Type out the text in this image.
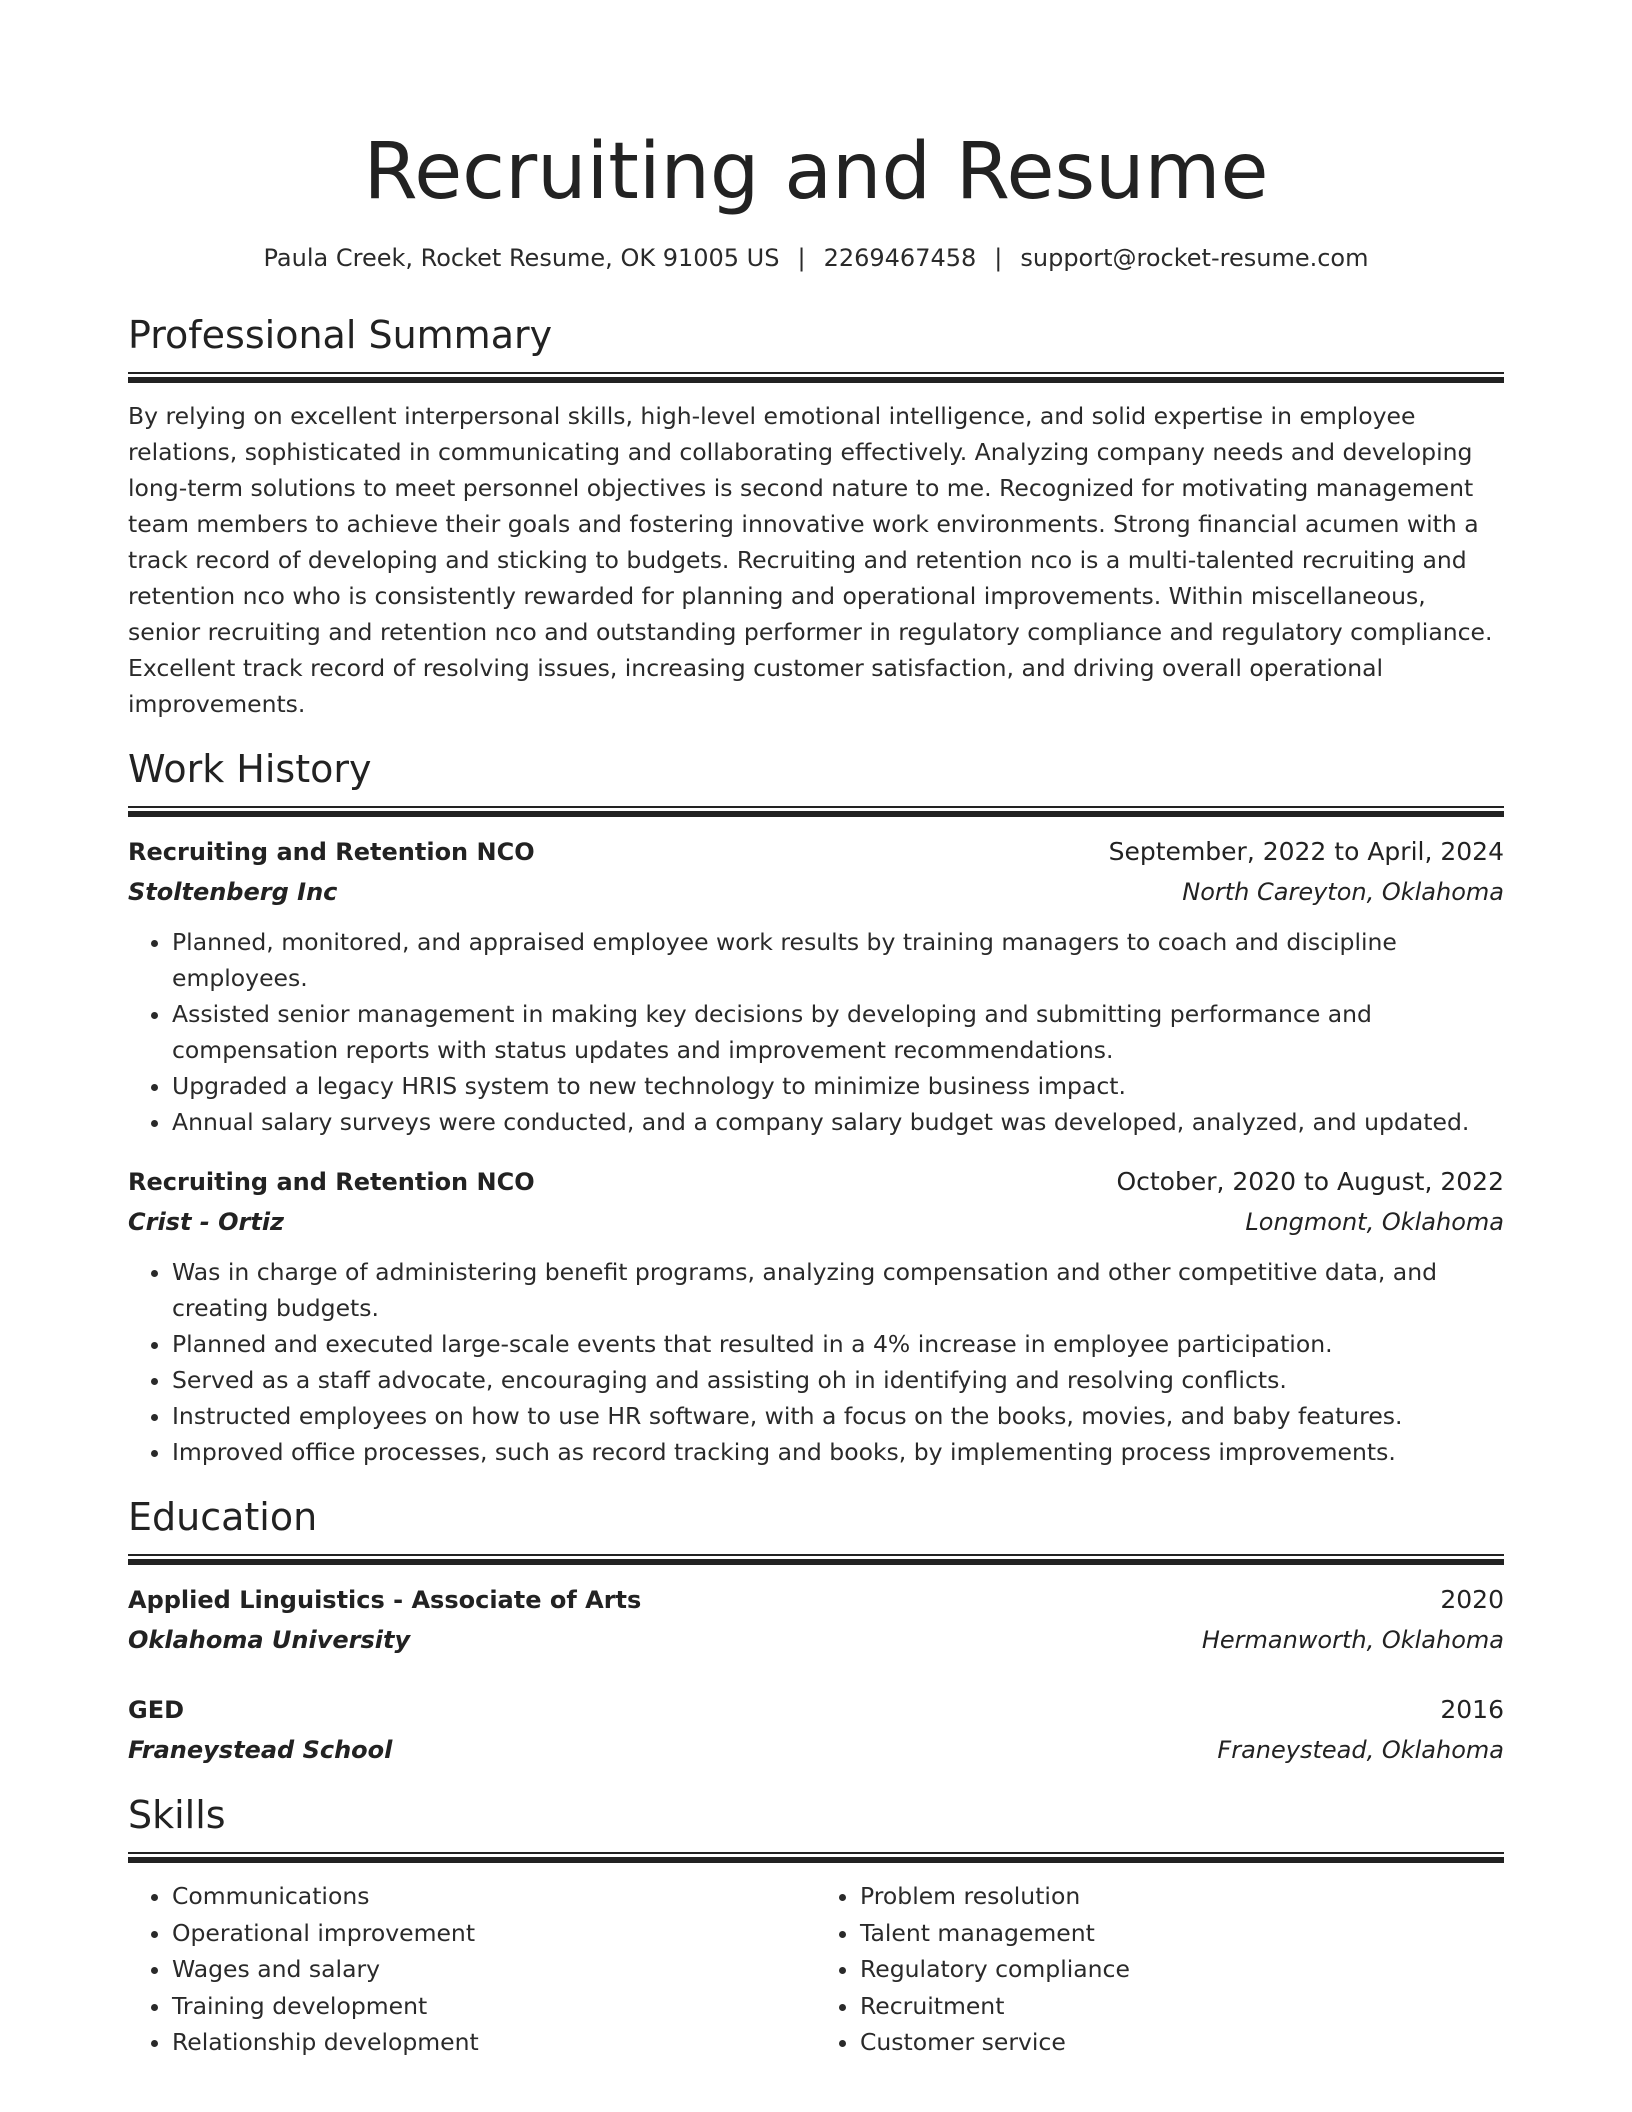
Recruiting and Resume
Paula Creek, Rocket Resume, OK 91005 US | 2269467458 | support@rocket-resume.com
Professional Summary
By relying on excellent interpersonal skills, high-level emotional intelligence, and solid expertise in employee relations, sophisticated in communicating and collaborating effectively. Analyzing company needs and developing long-term solutions to meet personnel objectives is second nature to me. Recognized for motivating management team members to achieve their goals and fostering innovative work environments. Strong financial acumen with a track record of developing and sticking to budgets. Recruiting and retention nco is a multi-talented recruiting and retention nco who is consistently rewarded for planning and operational improvements. Within miscellaneous, senior recruiting and retention nco and outstanding performer in regulatory compliance and regulatory compliance. Excellent track record of resolving issues, increasing customer satisfaction, and driving overall operational improvements.
Work History
Recruiting and Retention NCO	September, 2022 to April, 2024
Stoltenberg Inc	North Careyton, Oklahoma
• Planned, monitored, and appraised employee work results by training managers to coach and discipline employees.
• Assisted senior management in making key decisions by developing and submitting performance and compensation reports with status updates and improvement recommendations.
• Upgraded a legacy HRIS system to new technology to minimize business impact.
• Annual salary surveys were conducted, and a company salary budget was developed, analyzed, and updated.
Recruiting and Retention NCO	October, 2020 to August, 2022
Crist - Ortiz	Longmont, Oklahoma
• Was in charge of administering benefit programs, analyzing compensation and other competitive data, and creating budgets.
• Planned and executed large-scale events that resulted in a 4% increase in employee participation.
• Served as a staff advocate, encouraging and assisting oh in identifying and resolving conflicts.
• Instructed employees on how to use HR software, with a focus on the books, movies, and baby features.
• Improved office processes, such as record tracking and books, by implementing process improvements.
Education
Applied Linguistics - Associate of Arts	2020
Oklahoma University	Hermanworth, Oklahoma
GED	2016
Franeystead School	Franeystead, Oklahoma
Skills
• Communications
• Operational improvement
• Wages and salary
• Training development
• Relationship development
• Problem resolution
• Talent management
• Regulatory compliance
• Recruitment
• Customer service
